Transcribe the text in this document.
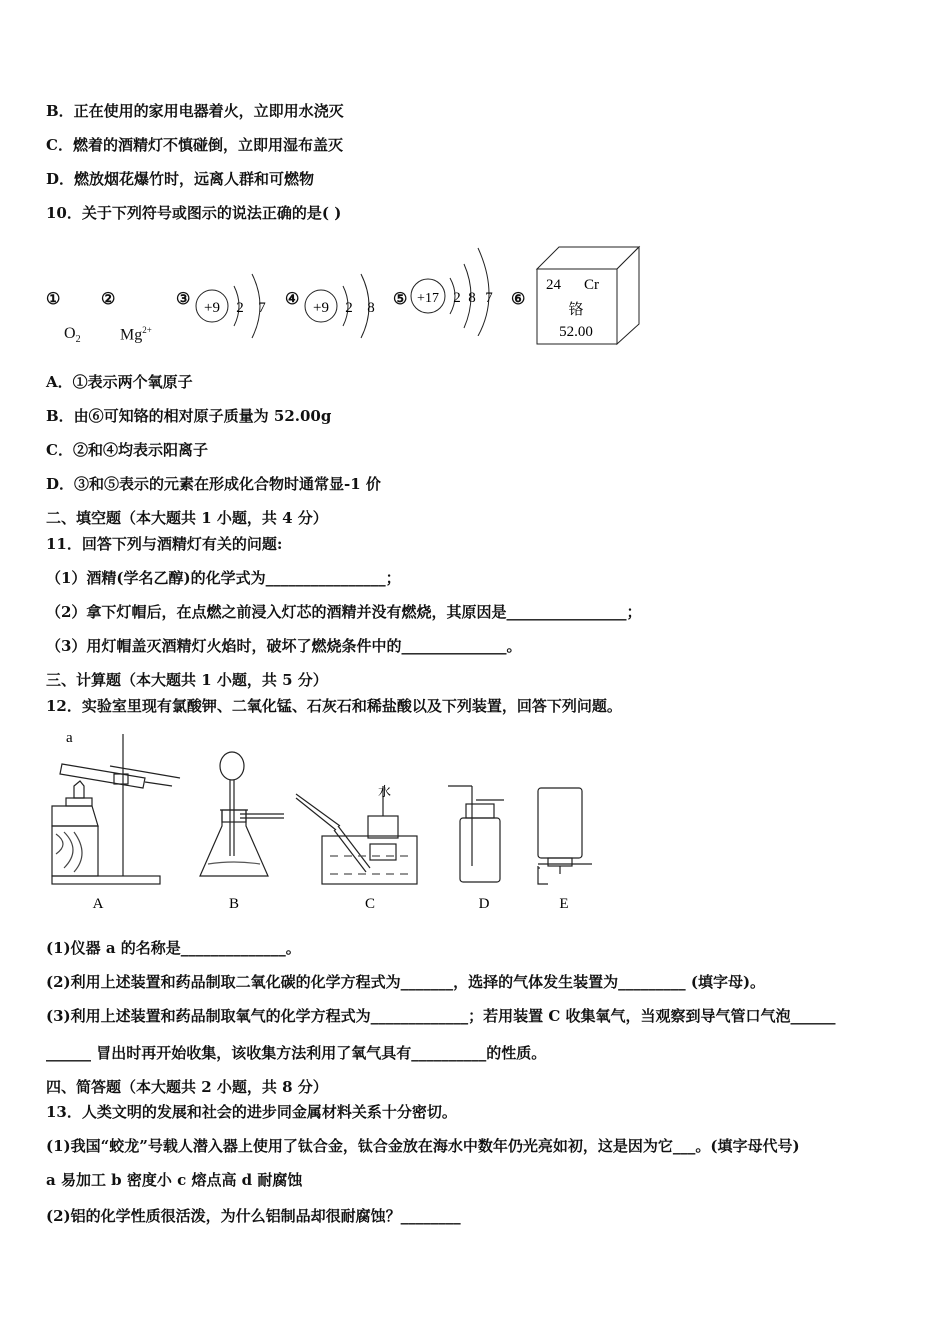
B．正在使用的家用电器着火，立即用水浇灭
C．燃着的酒精灯不慎碰倒，立即用湿布盖灭
D．燃放烟花爆竹时，远离人群和可燃物
10．关于下列符号或图示的说法正确的是( )
①	②	③	④	⑤	⑥
$O_2$ $Mg^{2+}$
+9 2 7	+9 2 8
+17 2 8 7
24 Cr
铬
52.00
A．①表示两个氧原子
B．由⑥可知铬的相对原子质量为 52.00g
C．②和④均表示阳离子
D．③和⑤表示的元素在形成化合物时通常显-1 价
二、填空题（本大题共 1 小题，共 4 分）
11．回答下列与酒精灯有关的问题:
（1）酒精(学名乙醇)的化学式为________________；
（2）拿下灯帽后，在点燃之前浸入灯芯的酒精并没有燃烧，其原因是________________；
（3）用灯帽盖灭酒精灯火焰时，破坏了燃烧条件中的______________。
三、计算题（本大题共 1 小题，共 5 分）
12．实验室里现有氯酸钾、二氧化锰、石灰石和稀盐酸以及下列装置，回答下列问题。
a
水
A	B	C	D	E
(1)仪器 a 的名称是______________。
(2)利用上述装置和药品制取二氧化碳的化学方程式为_______，选择的气体发生装置为_________ (填字母)。
(3)利用上述装置和药品制取氧气的化学方程式为_____________；若用装置 C 收集氧气，当观察到导气管口气泡______
______ 冒出时再开始收集，该收集方法利用了氧气具有__________的性质。
四、简答题（本大题共 2 小题，共 8 分）
13．人类文明的发展和社会的进步同金属材料关系十分密切。
(1)我国“蛟龙”号载人潜入器上使用了钛合金，钛合金放在海水中数年仍光亮如初，这是因为它___。(填字母代号)
a 易加工 b 密度小 c 熔点高 d 耐腐蚀
(2)铝的化学性质很活泼，为什么铝制品却很耐腐蚀？________
